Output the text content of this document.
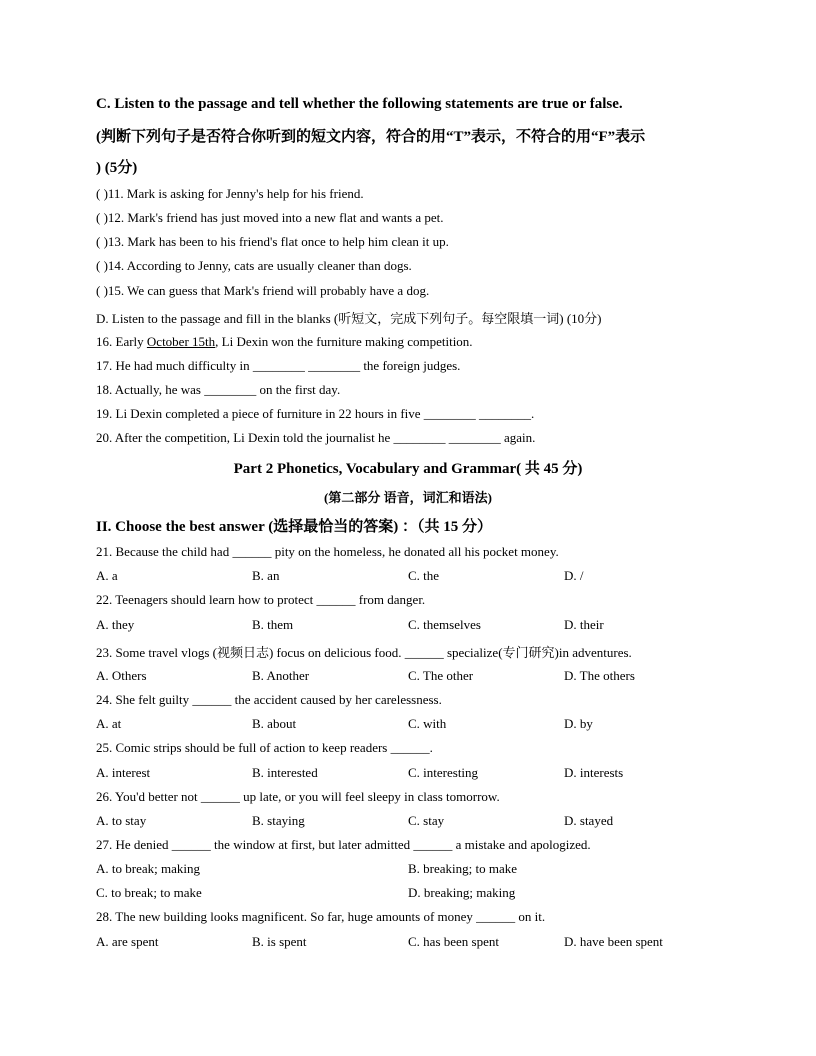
C. Listen to the passage and tell whether the following statements are true or false.
(判断下列句子是否符合你听到的短文内容，符合的用“T”表示，不符合的用“F”表示
) (5分)
( )11. Mark is asking for Jenny's help for his friend.
( )12. Mark's friend has just moved into a new flat and wants a pet.
( )13. Mark has been to his friend's flat once to help him clean it up.
( )14. According to Jenny, cats are usually cleaner than dogs.
( )15. We can guess that Mark's friend will probably have a dog.
D. Listen to the passage and fill in the blanks (听短文，完成下列句子。每空限填一词) (10分)
16. Early October 15th, Li Dexin won the furniture making competition.
17. He had much difficulty in ________ ________ the foreign judges.
18. Actually, he was ________ on the first day.
19. Li Dexin completed a piece of furniture in 22 hours in five ________ ________.
20. After the competition, Li Dexin told the journalist he ________ ________ again.
Part 2 Phonetics, Vocabulary and Grammar( 共 45 分)
(第二部分 语音，词汇和语法)
II. Choose the best answer (选择最恰当的答案) ：（共 15 分）
21. Because the child had ______ pity on the homeless, he donated all his pocket money.
A. a	B. an	C. the	D. /
22. Teenagers should learn how to protect ______ from danger.
A. they	B. them	C. themselves	D. their
23. Some travel vlogs (视频日志) focus on delicious food. ______ specialize(专门研究)in adventures.
A. Others	B. Another	C. The other	D. The others
24. She felt guilty ______ the accident caused by her carelessness.
A. at	B. about	C. with	D. by
25. Comic strips should be full of action to keep readers ______.
A. interest	B. interested	C. interesting	D. interests
26. You'd better not ______ up late, or you will feel sleepy in class tomorrow.
A. to stay	B. staying	C. stay	D. stayed
27. He denied ______ the window at first, but later admitted ______ a mistake and apologized.
A. to break; making	B. breaking; to make
C. to break; to make	D. breaking; making
28. The new building looks magnificent. So far, huge amounts of money ______ on it.
A. are spent	B. is spent	C. has been spent	D. have been spent
